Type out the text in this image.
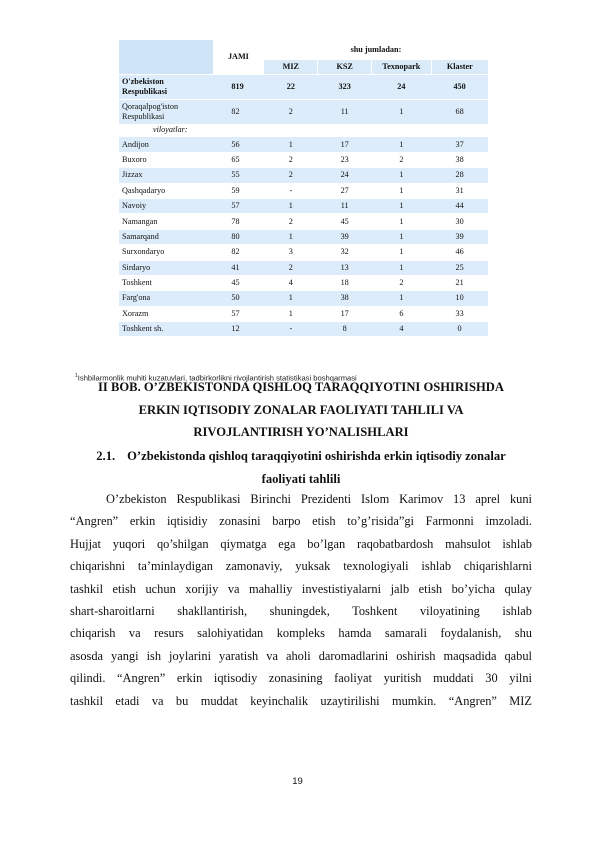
	JAMI	shu jumladan:			
		MIZ	KSZ	Texnopark	Klaster
O'zbekiston Respublikasi	819	22	323	24	450
Qoraqalpog'iston Respublikasi	82	2	11	1	68
viloyatlar:					
Andijon	56	1	17	1	37
Buxoro	65	2	23	2	38
Jizzax	55	2	24	1	28
Qashqadaryo	59	-	27	1	31
Navoiy	57	1	11	1	44
Namangan	78	2	45	1	30
Samarqand	80	1	39	1	39
Surxondaryo	82	3	32	1	46
Sirdaryo	41	2	13	1	25
Toshkent	45	4	18	2	21
Farg'ona	50	1	38	1	10
Xorazm	57	1	17	6	33
Toshkent sh.	12	-	8	4	0
$^1$Ishbilarmonlik muhiti kuzatuvlari, tadbirkorlikni rivojlantirish statistikasi boshqarmasi
II BOB. O’ZBEKISTONDA QISHLOQ TARAQQIYOTINI OSHIRISHDA
ERKIN IQTISODIY ZONALAR FAOLIYATI TAHLILI VA
RIVOJLANTIRISH YO’NALISHLARI
2.1. O’zbekistonda qishloq taraqqiyotini oshirishda erkin iqtisodiy zonalar
faoliyati tahlili
O’zbekiston Respublikasi Birinchi Prezidenti Islom Karimov 13 aprel kuni
“Angren” erkin iqtisidiy zonasini barpo etish to’g’risida”gi Farmonni imzoladi.
Hujjat yuqori qo’shilgan qiymatga ega bo’lgan raqobatbardosh mahsulot ishlab
chiqarishni ta’minlaydigan zamonaviy, yuksak texnologiyali ishlab chiqarishlarni
tashkil etish uchun xorijiy va mahalliy investistiyalarni jalb etish bo’yicha qulay
shart-sharoitlarni shakllantirish, shuningdek, Toshkent viloyatining ishlab
chiqarish va resurs salohiyatidan kompleks hamda samarali foydalanish, shu
asosda yangi ish joylarini yaratish va aholi daromadlarini oshirish maqsadida qabul
qilindi. “Angren” erkin iqtisodiy zonasining faoliyat yuritish muddati 30 yilni
tashkil etadi va bu muddat keyinchalik uzaytirilishi mumkin. “Angren” MIZ
19
